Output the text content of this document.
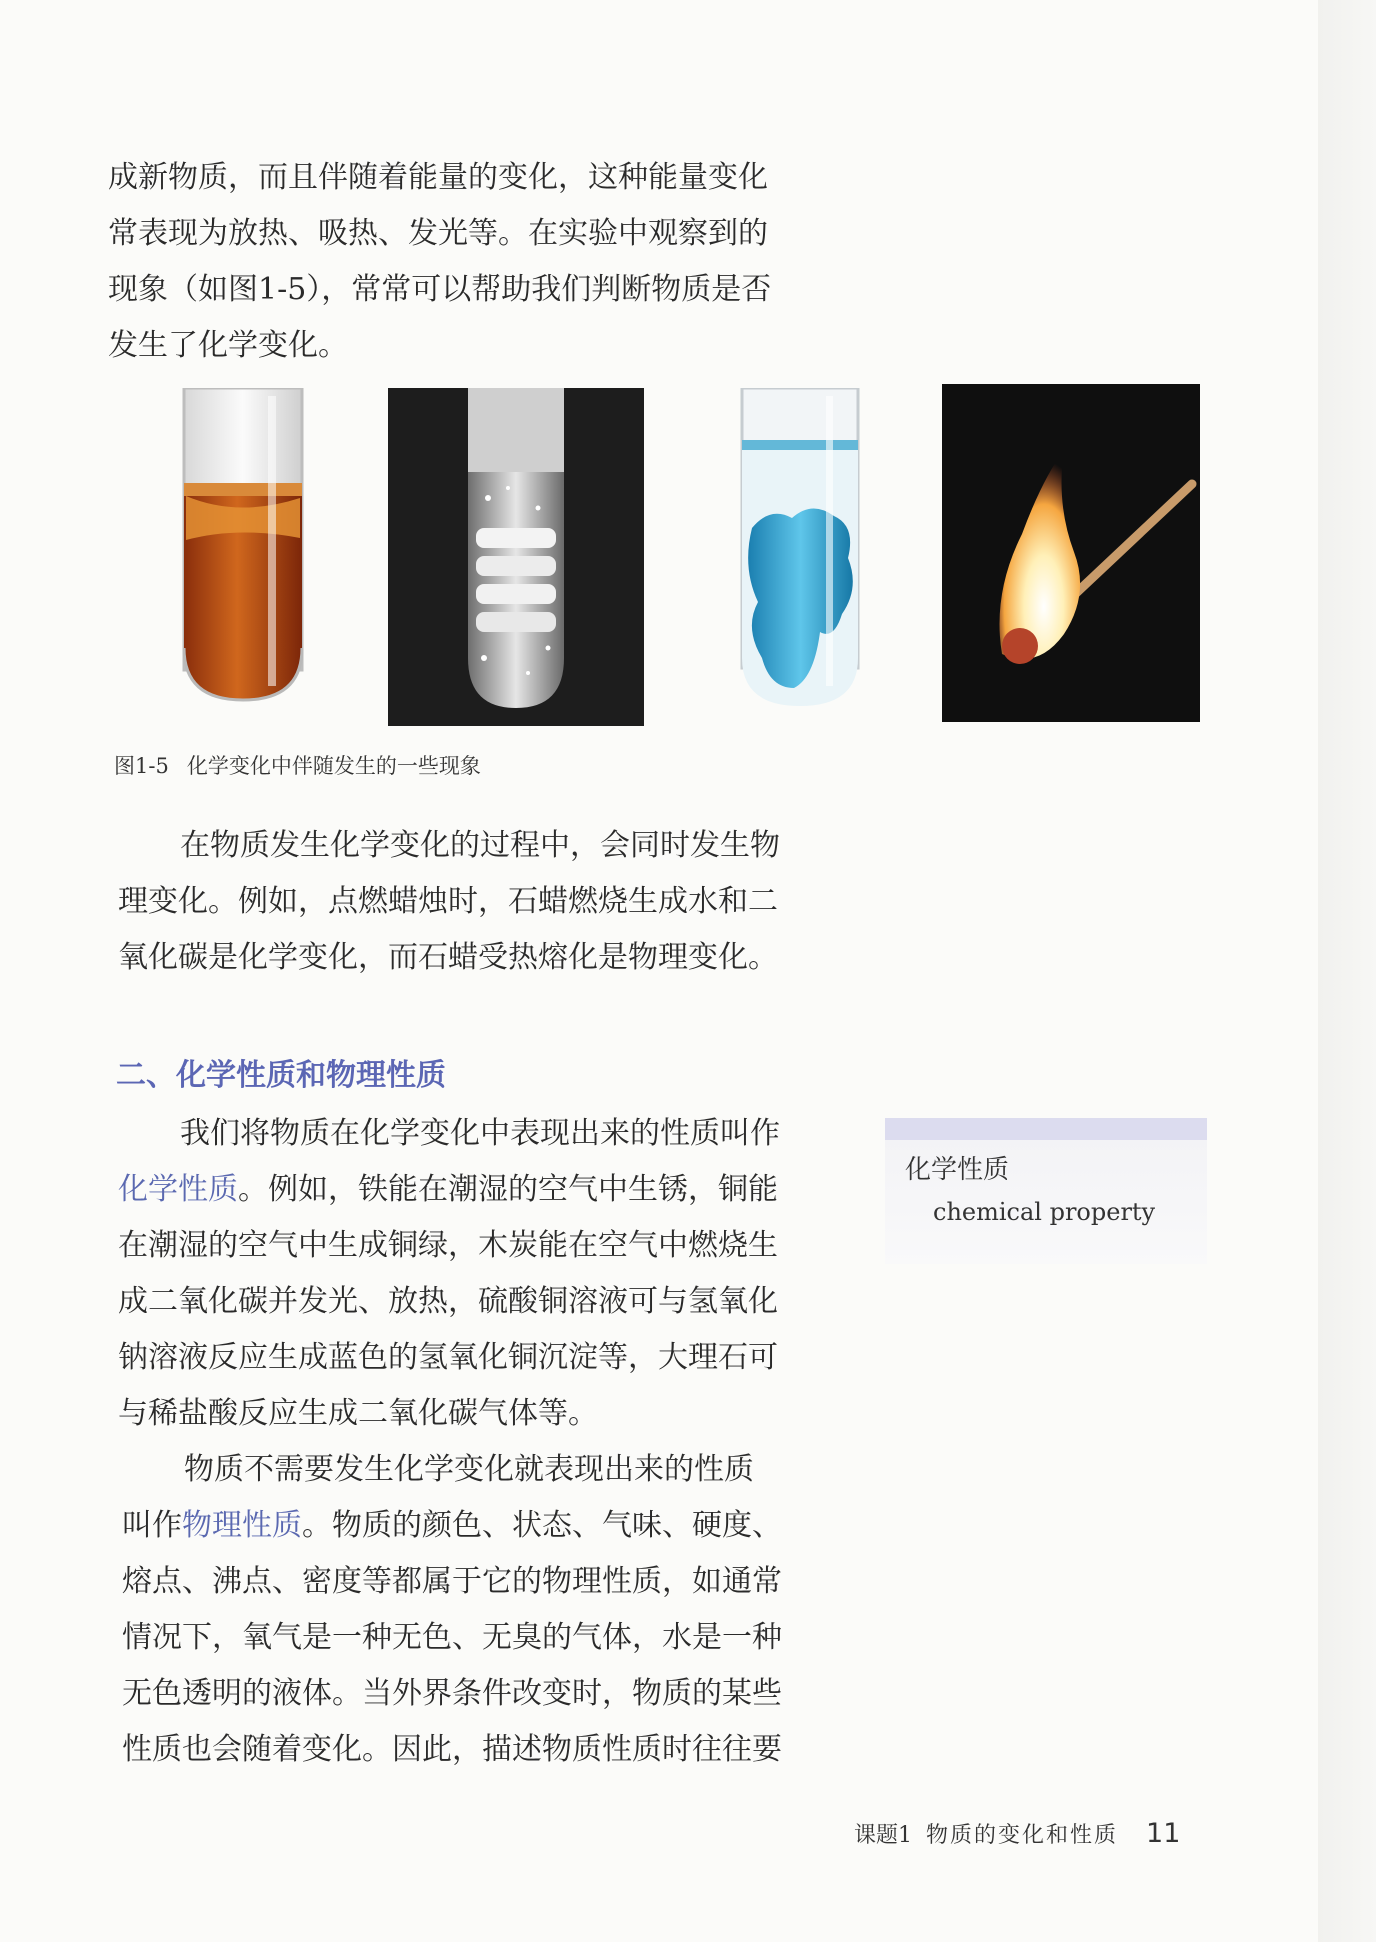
成新物质，而且伴随着能量的变化，这种能量变化
常表现为放热、吸热、发光等。在实验中观察到的
现象（如图1-5），常常可以帮助我们判断物质是否
发生了化学变化。

图1-5 化学变化中伴随发生的一些现象

在物质发生化学变化的过程中，会同时发生物
理变化。例如，点燃蜡烛时，石蜡燃烧生成水和二
氧化碳是化学变化，而石蜡受热熔化是物理变化。
二、化学性质和物理性质
我们将物质在化学变化中表现出来的性质叫作
化学性质。例如，铁能在潮湿的空气中生锈，铜能
在潮湿的空气中生成铜绿，木炭能在空气中燃烧生
成二氧化碳并发光、放热，硫酸铜溶液可与氢氧化
钠溶液反应生成蓝色的氢氧化铜沉淀等，大理石可
与稀盐酸反应生成二氧化碳气体等。
物质不需要发生化学变化就表现出来的性质
叫作物理性质。物质的颜色、状态、气味、硬度、
熔点、沸点、密度等都属于它的物理性质，如通常
情况下，氧气是一种无色、无臭的气体，水是一种
无色透明的液体。当外界条件改变时，物质的某些
性质也会随着变化。因此，描述物质性质时往往要
化学性质
chemical property
课题1 物质的变化和性质 11
